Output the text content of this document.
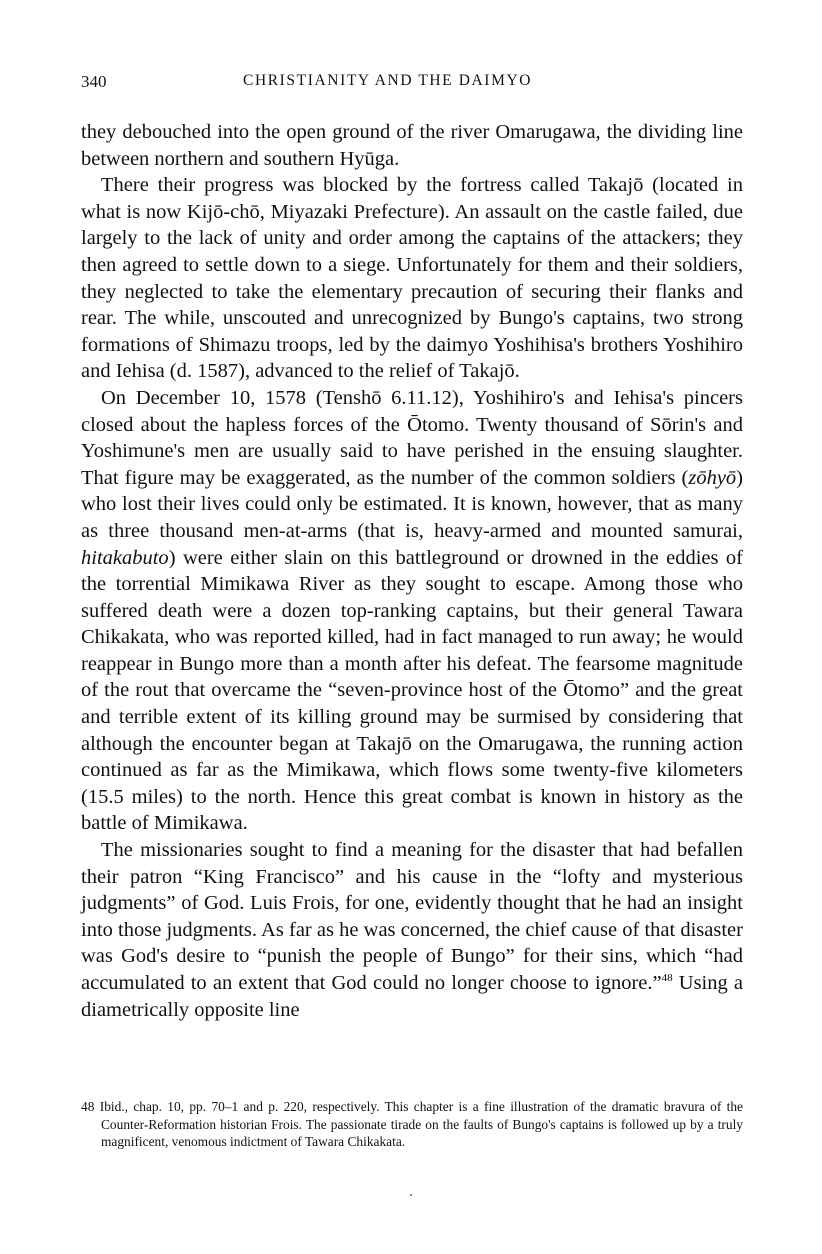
340	CHRISTIANITY AND THE DAIMYO

they debouched into the open ground of the river Omarugawa, the dividing line between northern and southern Hyūga.

There their progress was blocked by the fortress called Takajō (located in what is now Kijō-chō, Miyazaki Prefecture). An assault on the castle failed, due largely to the lack of unity and order among the captains of the attackers; they then agreed to settle down to a siege. Unfortunately for them and their soldiers, they neglected to take the elementary precaution of securing their flanks and rear. The while, unscouted and unrecognized by Bungo's captains, two strong formations of Shimazu troops, led by the daimyo Yoshihisa's brothers Yoshihiro and Iehisa (d. 1587), advanced to the relief of Takajō.

On December 10, 1578 (Tenshō 6.11.12), Yoshihiro's and Iehisa's pincers closed about the hapless forces of the Ōtomo. Twenty thousand of Sōrin's and Yoshimune's men are usually said to have perished in the ensuing slaughter. That figure may be exaggerated, as the number of the common soldiers (zōhyō) who lost their lives could only be estimated. It is known, however, that as many as three thousand men-at-arms (that is, heavy-armed and mounted samurai, hitakabuto) were either slain on this battleground or drowned in the eddies of the torrential Mimikawa River as they sought to escape. Among those who suffered death were a dozen top-ranking captains, but their general Tawara Chikakata, who was reported killed, had in fact managed to run away; he would reappear in Bungo more than a month after his defeat. The fearsome magnitude of the rout that overcame the “seven-province host of the Ōtomo” and the great and terrible extent of its killing ground may be surmised by considering that although the encounter began at Takajō on the Omarugawa, the running action continued as far as the Mimikawa, which flows some twenty-five kilometers (15.5 miles) to the north. Hence this great combat is known in history as the battle of Mimikawa.

The missionaries sought to find a meaning for the disaster that had befallen their patron “King Francisco” and his cause in the “lofty and mysterious judgments” of God. Luis Frois, for one, evidently thought that he had an insight into those judgments. As far as he was concerned, the chief cause of that disaster was God's desire to “punish the people of Bungo” for their sins, which “had accumulated to an extent that God could no longer choose to ignore.”$^{48}$ Using a diametrically opposite line

48 Ibid., chap. 10, pp. 70–1 and p. 220, respectively. This chapter is a fine illustration of the dramatic bravura of the Counter-Reformation historian Frois. The passionate tirade on the faults of Bungo's captains is followed up by a truly magnificent, venomous indictment of Tawara Chikakata.
